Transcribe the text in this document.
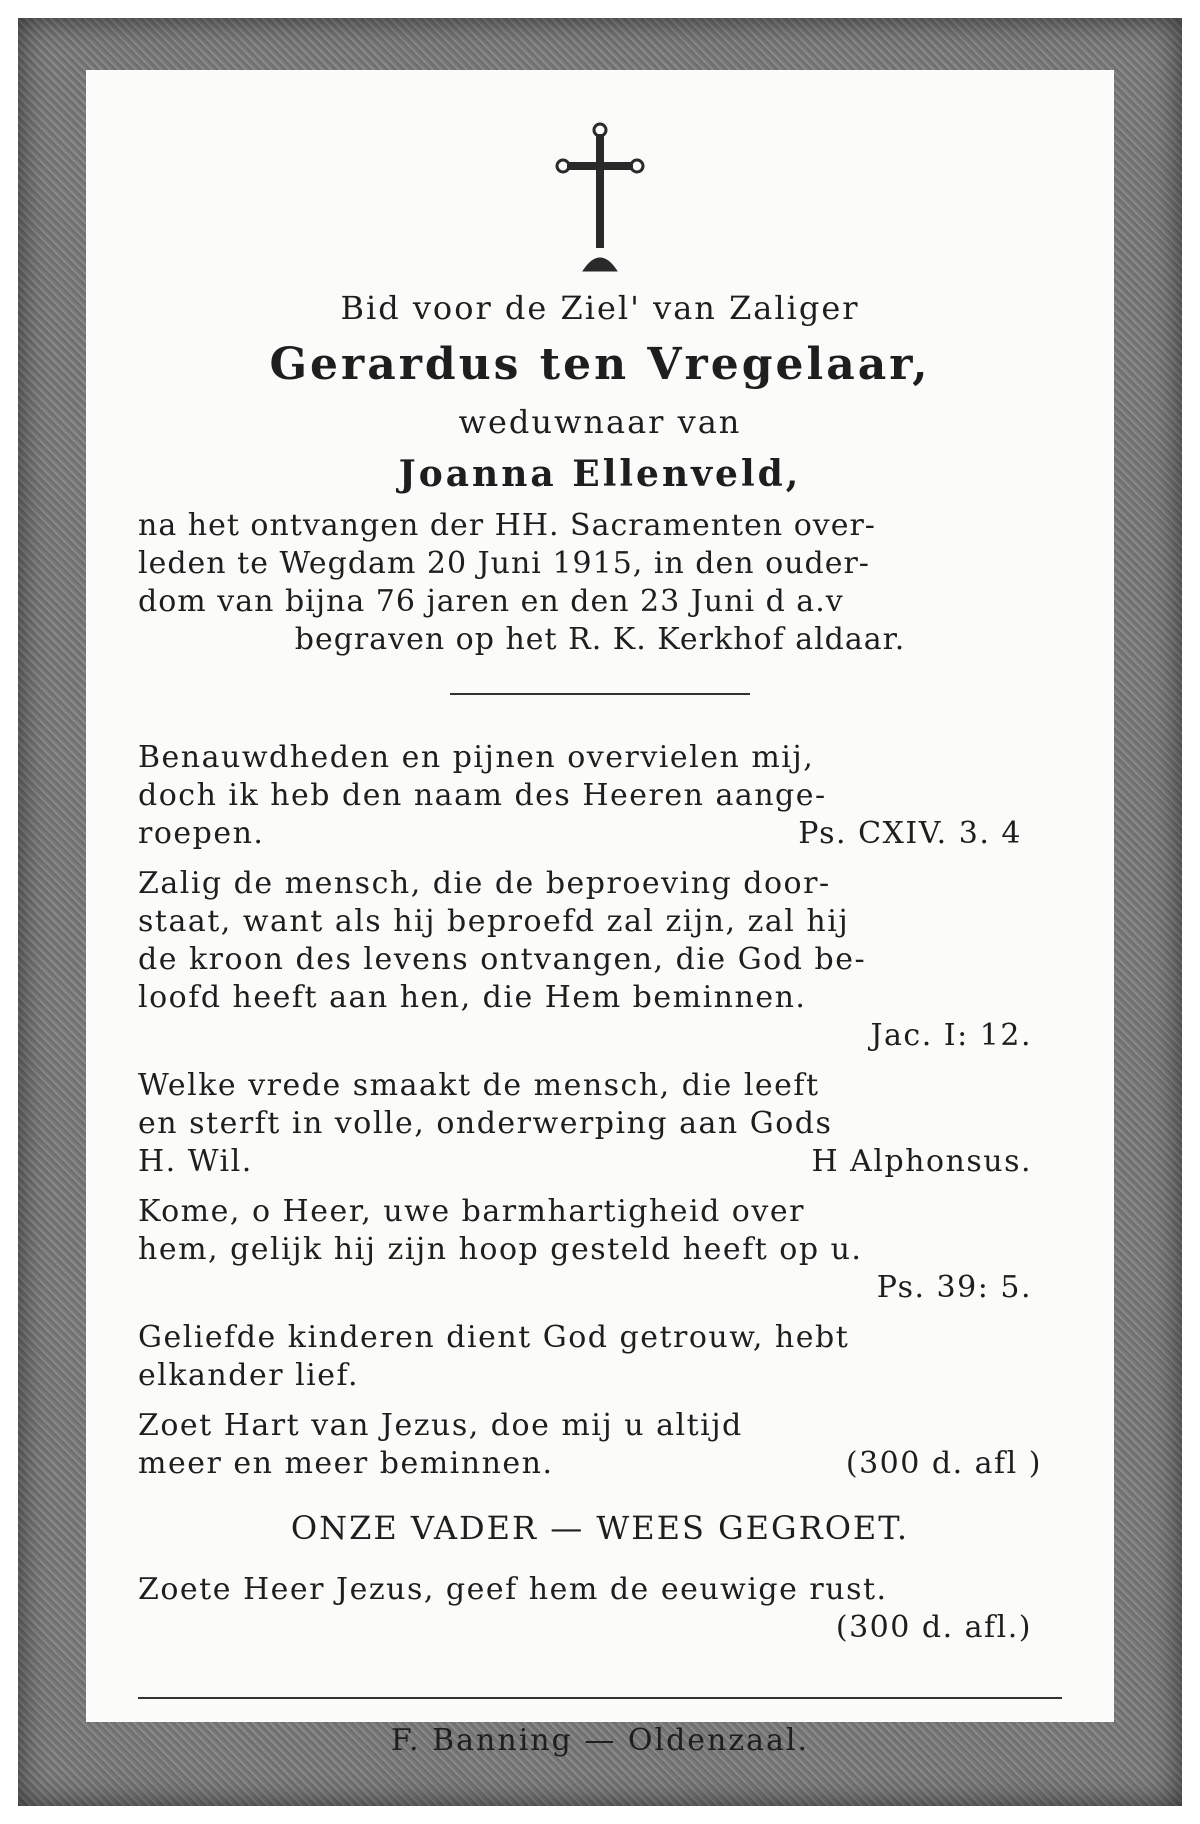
Bid voor de Ziel' van Zaliger

Gerardus ten Vregelaar,

weduwnaar van

Joanna Ellenveld,

na het ontvangen der HH. Sacramenten over-
leden te Wegdam 20 Juni 1915, in den ouder-
dom van bijna 76 jaren en den 23 Juni d a.v
begraven op het R. K. Kerkhof aldaar.
Benauwdheden en pijnen overvielen mij,
doch ik heb den naam des Heeren aange-
roepen.	Ps. CXIV. 3. 4
Zalig de mensch, die de beproeving door-
staat, want als hij beproefd zal zijn, zal hij
de kroon des levens ontvangen, die God be-
loofd heeft aan hen, die Hem beminnen.
Jac. I: 12.
Welke vrede smaakt de mensch, die leeft
en sterft in volle, onderwerping aan Gods
H. Wil.	H Alphonsus.
Kome, o Heer, uwe barmhartigheid over
hem, gelijk hij zijn hoop gesteld heeft op u.
Ps. 39: 5.
Geliefde kinderen dient God getrouw, hebt
elkander lief.
Zoet Hart van Jezus, doe mij u altijd
meer en meer beminnen.	(300 d. afl )
ONZE VADER — WEES GEGROET.
Zoete Heer Jezus, geef hem de eeuwige rust.
(300 d. afl.)

F. Banning — Oldenzaal.
